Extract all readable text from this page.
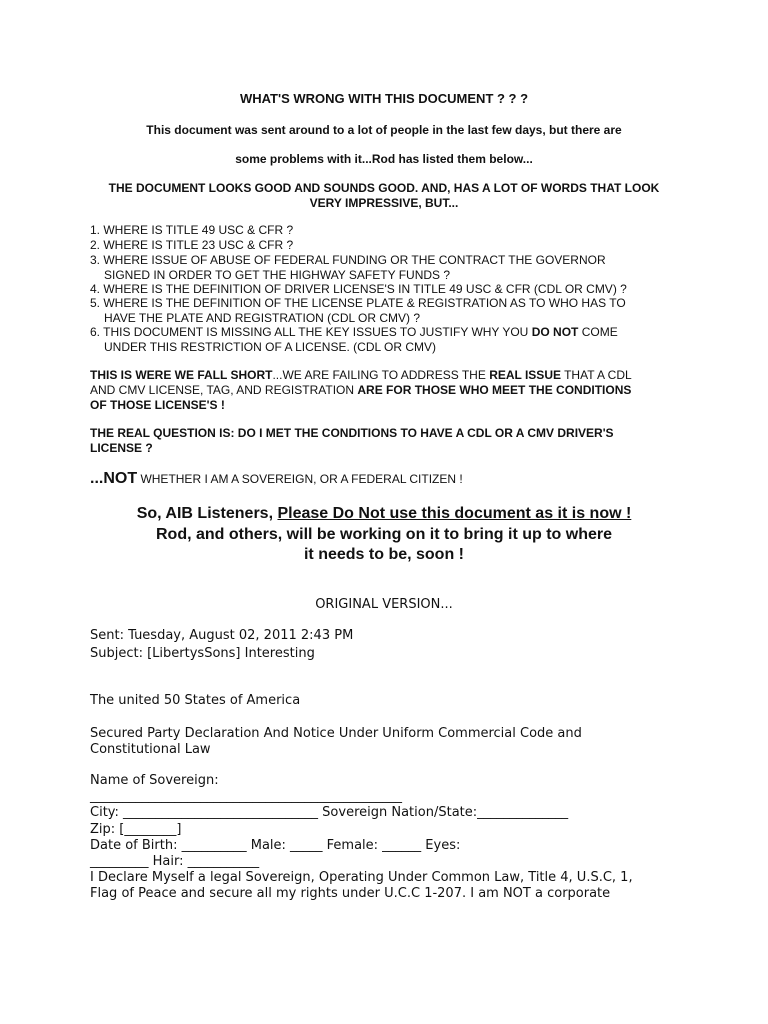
WHAT'S WRONG WITH THIS DOCUMENT ? ? ?
This document was sent around to a lot of people in the last few days, but there are
some problems with it...Rod has listed them below...
THE DOCUMENT LOOKS GOOD AND SOUNDS GOOD. AND, HAS A LOT OF WORDS THAT LOOK
VERY IMPRESSIVE, BUT...
1. WHERE IS TITLE 49 USC & CFR ?
2. WHERE IS TITLE 23 USC & CFR ?
3. WHERE ISSUE OF ABUSE OF FEDERAL FUNDING OR THE CONTRACT THE GOVERNOR
SIGNED IN ORDER TO GET THE HIGHWAY SAFETY FUNDS ?
4. WHERE IS THE DEFINITION OF DRIVER LICENSE'S IN TITLE 49 USC & CFR (CDL OR CMV) ?
5. WHERE IS THE DEFINITION OF THE LICENSE PLATE & REGISTRATION AS TO WHO HAS TO
HAVE THE PLATE AND REGISTRATION (CDL OR CMV) ?
6. THIS DOCUMENT IS MISSING ALL THE KEY ISSUES TO JUSTIFY WHY YOU DO NOT COME
UNDER THIS RESTRICTION OF A LICENSE. (CDL OR CMV)
THIS IS WERE WE FALL SHORT...WE ARE FAILING TO ADDRESS THE REAL ISSUE THAT A CDL
AND CMV LICENSE, TAG, AND REGISTRATION ARE FOR THOSE WHO MEET THE CONDITIONS
OF THOSE LICENSE'S !
THE REAL QUESTION IS: DO I MET THE CONDITIONS TO HAVE A CDL OR A CMV DRIVER'S
LICENSE ?
...NOT WHETHER I AM A SOVEREIGN, OR A FEDERAL CITIZEN !
So, AIB Listeners, Please Do Not use this document as it is now !
Rod, and others, will be working on it to bring it up to where
it needs to be, soon !
ORIGINAL VERSION...
Sent: Tuesday, August 02, 2011 2:43 PM
Subject: [LibertysSons] Interesting
The united 50 States of America
Secured Party Declaration And Notice Under Uniform Commercial Code and
Constitutional Law
Name of Sovereign:
________________________________________________
City: ______________________________ Sovereign Nation/State:______________
Zip: [________]
Date of Birth: __________ Male: _____ Female: ______ Eyes:
_________ Hair: ___________
I Declare Myself a legal Sovereign, Operating Under Common Law, Title 4, U.S.C, 1,
Flag of Peace and secure all my rights under U.C.C 1-207. I am NOT a corporate
